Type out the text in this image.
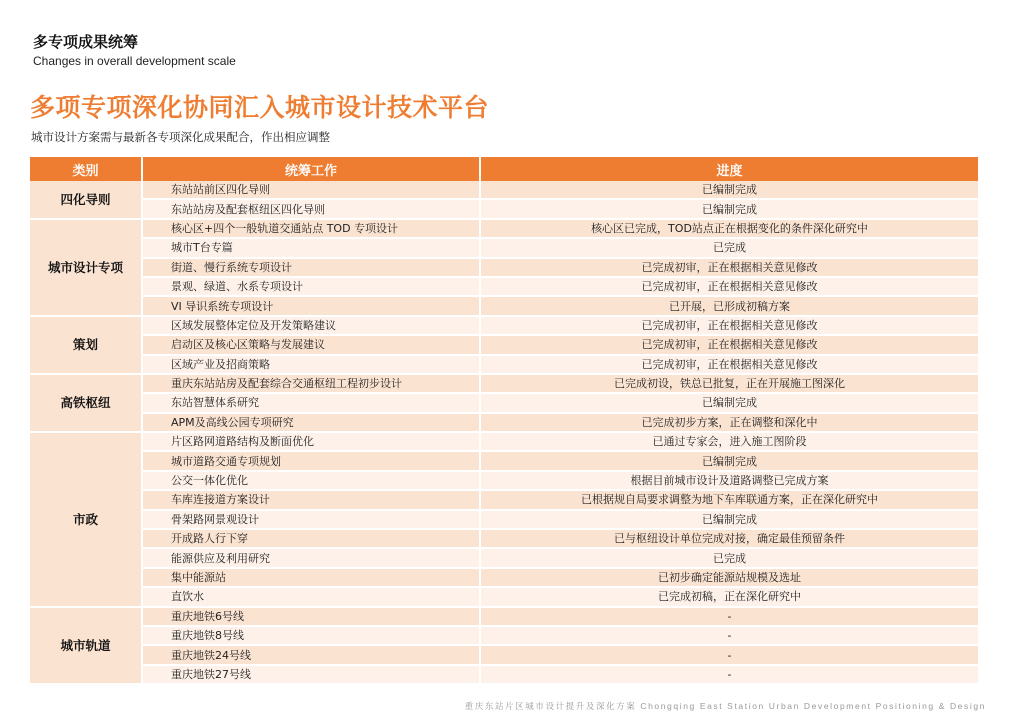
多专项成果统筹
Changes in overall development scale
多项专项深化协同汇入城市设计技术平台
城市设计方案需与最新各专项深化成果配合，作出相应调整
类别	统筹工作	进度
四化导则	东站站前区四化导则	已编制完成
	东站站房及配套枢纽区四化导则	已编制完成
城市设计专项	核心区+四个一般轨道交通站点 TOD 专项设计	核心区已完成，TOD站点正在根据变化的条件深化研究中
	城市T台专篇	已完成
	街道、慢行系统专项设计	已完成初审，正在根据相关意见修改
	景观、绿道、水系专项设计	已完成初审，正在根据相关意见修改
	VI 导识系统专项设计	已开展，已形成初稿方案
策划	区域发展整体定位及开发策略建议	已完成初审，正在根据相关意见修改
	启动区及核心区策略与发展建议	已完成初审，正在根据相关意见修改
	区域产业及招商策略	已完成初审，正在根据相关意见修改
高铁枢纽	重庆东站站房及配套综合交通枢纽工程初步设计	已完成初设，铁总已批复，正在开展施工图深化
	东站智慧体系研究	已编制完成
	APM及高线公园专项研究	已完成初步方案，正在调整和深化中
市政	片区路网道路结构及断面优化	已通过专家会，进入施工图阶段
	城市道路交通专项规划	已编制完成
	公交一体化优化	根据目前城市设计及道路调整已完成方案
	车库连接道方案设计	已根据规自局要求调整为地下车库联通方案，正在深化研究中
	骨架路网景观设计	已编制完成
	开成路人行下穿	已与枢纽设计单位完成对接，确定最佳预留条件
	能源供应及利用研究	已完成
	集中能源站	已初步确定能源站规模及选址
	直饮水	已完成初稿，正在深化研究中
城市轨道	重庆地铁6号线	-
	重庆地铁8号线	-
	重庆地铁24号线	-
	重庆地铁27号线	-
重庆东站片区城市设计提升及深化方案 Chongqing East Station Urban Development Positioning & Design
